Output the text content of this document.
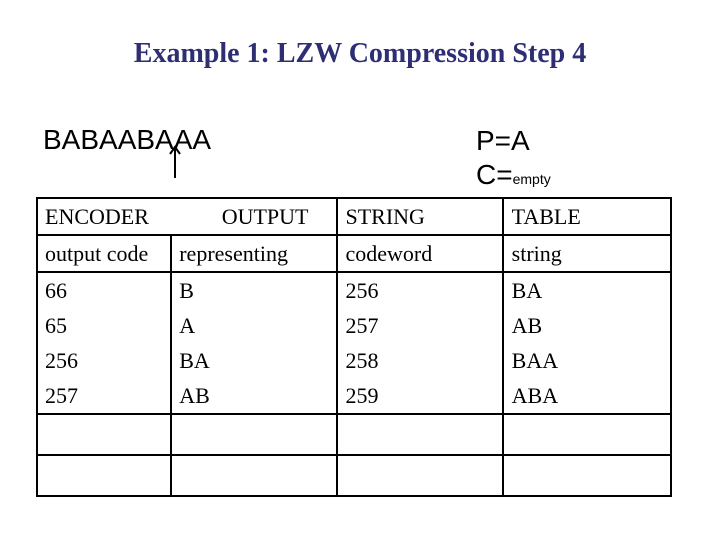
Example 1: LZW Compression Step 4
BABAABAAA	P=A
C=empty
ENCODER	OUTPUT	STRING	TABLE
output code	representing	codeword	string
66	B	256	BA
65	A	257	AB
256	BA	258	BAA
257	AB	259	ABA
